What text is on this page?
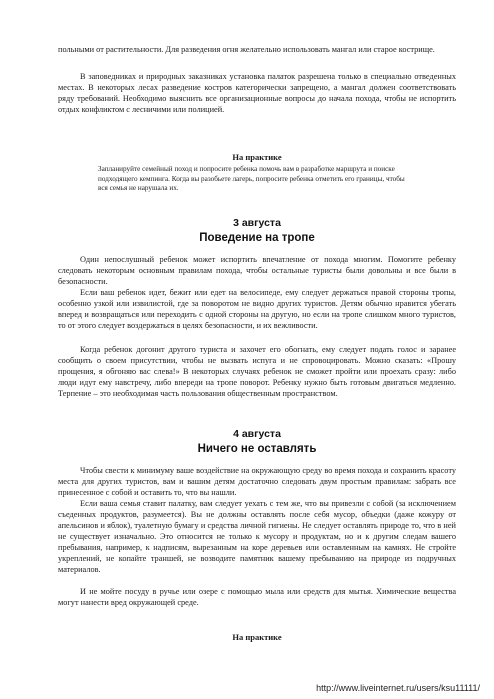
польными от растительности. Для разведения огня желательно использовать мангал или старое кострище.

В заповедниках и природных заказниках установка палаток разрешена только в специально отведенных местах. В некоторых лесах разведение костров категорически запрещено, а мангал должен соответствовать ряду требований. Необходимо выяснить все организационные вопросы до начала похода, чтобы не испортить отдых конфликтом с лесничими или полицией.

На практике

Запланируйте семейный поход и попросите ребенка помочь вам в разработке маршрута и поиске подходящего кемпинга. Когда вы разобьете лагерь, попросите ребенка отметить его границы, чтобы вся семья не нарушала их.

3 августа

Поведение на тропе

Один непослушный ребенок может испортить впечатление от похода многим. Помогите ребенку следовать некоторым основным правилам похода, чтобы остальные туристы были довольны и все были в безопасности.

Если ваш ребенок идет, бежит или едет на велосипеде, ему следует держаться правой стороны тропы, особенно узкой или извилистой, где за поворотом не видно других туристов. Детям обычно нравится убегать вперед и возвращаться или переходить с одной стороны на другую, но если на тропе слишком много туристов, то от этого следует воздержаться в целях безопасности, и их вежливости.

Когда ребенок догонит другого туриста и захочет его обогнать, ему следует подать голос и заранее сообщить о своем присутствии, чтобы не вызвать испуга и не спровоцировать. Можно сказать: «Прошу прощения, я обгоняю вас слева!» В некоторых случаях ребенок не сможет пройти или проехать сразу: либо люди идут ему навстречу, либо впереди на тропе поворот. Ребенку нужно быть готовым двигаться медленно. Терпение – это необходимая часть пользования общественным пространством.

4 августа

Ничего не оставлять

Чтобы свести к минимуму ваше воздействие на окружающую среду во время похода и сохранить красоту места для других туристов, вам и вашим детям достаточно следовать двум простым правилам: забрать все принесенное с собой и оставить то, что вы нашли.

Если ваша семья ставит палатку, вам следует уехать с тем же, что вы привезли с собой (за исключением съеденных продуктов, разумеется). Вы не должны оставлять после себя мусор, объедки (даже кожуру от апельсинов и яблок), туалетную бумагу и средства личной гигиены. Не следует оставлять природе то, что в ней не существует изначально. Это относится не только к мусору и продуктам, но и к другим следам вашего пребывания, например, к надписям, вырезанным на коре деревьев или оставленным на камнях. Не стройте укреплений, не копайте траншей, не возводите памятник вашему пребыванию на природе из подручных материалов.

И не мойте посуду в ручье или озере с помощью мыла или средств для мытья. Химические вещества могут нанести вред окружающей среде.

На практике

http://www.liveinternet.ru/users/ksu11111/
